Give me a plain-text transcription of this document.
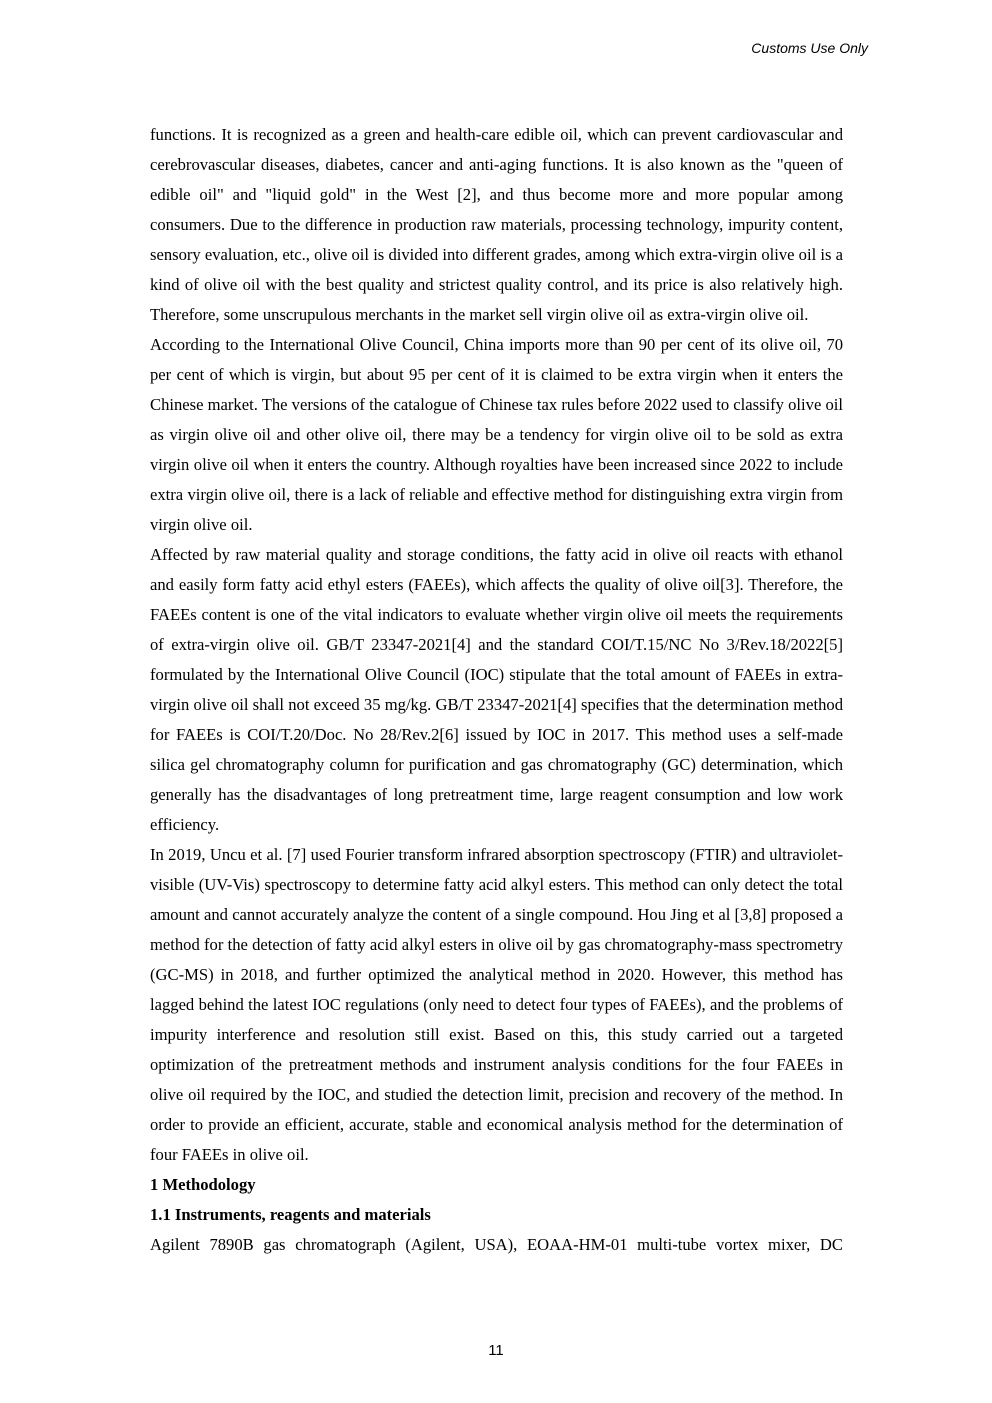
Customs Use Only

functions. It is recognized as a green and health-care edible oil, which can prevent cardiovascular and cerebrovascular diseases, diabetes, cancer and anti-aging functions. It is also known as the "queen of edible oil" and "liquid gold" in the West [2], and thus become more and more popular among consumers. Due to the difference in production raw materials, processing technology, impurity content, sensory evaluation, etc., olive oil is divided into different grades, among which extra-virgin olive oil is a kind of olive oil with the best quality and strictest quality control, and its price is also relatively high. Therefore, some unscrupulous merchants in the market sell virgin olive oil as extra-virgin olive oil.

According to the International Olive Council, China imports more than 90 per cent of its olive oil, 70 per cent of which is virgin, but about 95 per cent of it is claimed to be extra virgin when it enters the Chinese market. The versions of the catalogue of Chinese tax rules before 2022 used to classify olive oil as virgin olive oil and other olive oil, there may be a tendency for virgin olive oil to be sold as extra virgin olive oil when it enters the country. Although royalties have been increased since 2022 to include extra virgin olive oil, there is a lack of reliable and effective method for distinguishing extra virgin from virgin olive oil.

Affected by raw material quality and storage conditions, the fatty acid in olive oil reacts with ethanol and easily form fatty acid ethyl esters (FAEEs), which affects the quality of olive oil[3]. Therefore, the FAEEs content is one of the vital indicators to evaluate whether virgin olive oil meets the requirements of extra-virgin olive oil. GB/T 23347-2021[4] and the standard COI/T.15/NC No 3/Rev.18/2022[5] formulated by the International Olive Council (IOC) stipulate that the total amount of FAEEs in extra-virgin olive oil shall not exceed 35 mg/kg. GB/T 23347-2021[4] specifies that the determination method for FAEEs is COI/T.20/Doc. No 28/Rev.2[6] issued by IOC in 2017. This method uses a self-made silica gel chromatography column for purification and gas chromatography (GC) determination, which generally has the disadvantages of long pretreatment time, large reagent consumption and low work efficiency.

In 2019, Uncu et al. [7] used Fourier transform infrared absorption spectroscopy (FTIR) and ultraviolet-visible (UV-Vis) spectroscopy to determine fatty acid alkyl esters. This method can only detect the total amount and cannot accurately analyze the content of a single compound. Hou Jing et al [3,8] proposed a method for the detection of fatty acid alkyl esters in olive oil by gas chromatography-mass spectrometry (GC-MS) in 2018, and further optimized the analytical method in 2020. However, this method has lagged behind the latest IOC regulations (only need to detect four types of FAEEs), and the problems of impurity interference and resolution still exist. Based on this, this study carried out a targeted optimization of the pretreatment methods and instrument analysis conditions for the four FAEEs in olive oil required by the IOC, and studied the detection limit, precision and recovery of the method. In order to provide an efficient, accurate, stable and economical analysis method for the determination of four FAEEs in olive oil.

1 Methodology

1.1 Instruments, reagents and materials

Agilent 7890B gas chromatograph (Agilent, USA), EOAA-HM-01 multi-tube vortex mixer, DC

11
